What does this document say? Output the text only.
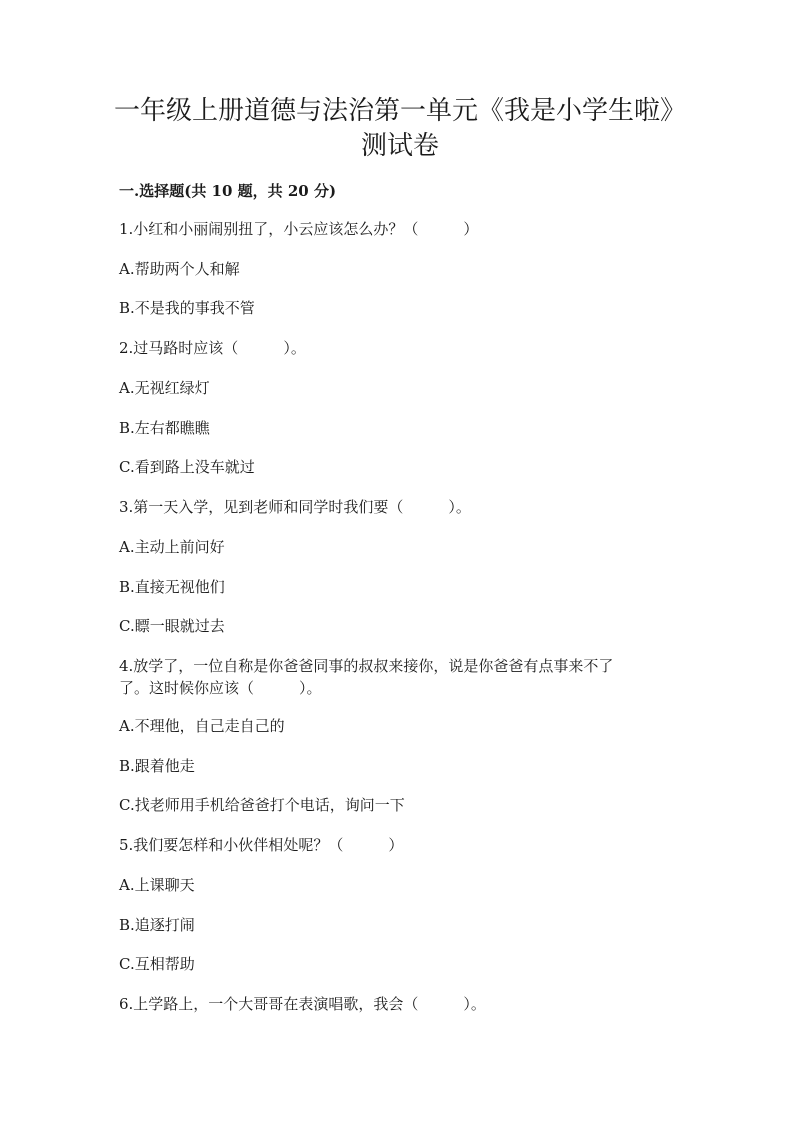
一年级上册道德与法治第一单元《我是小学生啦》
测试卷
一.选择题(共 10 题，共 20 分)
1.小红和小丽闹别扭了，小云应该怎么办？（　　　）
A.帮助两个人和解
B.不是我的事我不管
2.过马路时应该（　　　）。
A.无视红绿灯
B.左右都瞧瞧
C.看到路上没车就过
3.第一天入学，见到老师和同学时我们要（　　　）。
A.主动上前问好
B.直接无视他们
C.瞟一眼就过去
4.放学了，一位自称是你爸爸同事的叔叔来接你，说是你爸爸有点事来不了
了。这时候你应该（　　　）。
A.不理他，自己走自己的
B.跟着他走
C.找老师用手机给爸爸打个电话，询问一下
5.我们要怎样和小伙伴相处呢？（　　　）
A.上课聊天
B.追逐打闹
C.互相帮助
6.上学路上，一个大哥哥在表演唱歌，我会（　　　）。
